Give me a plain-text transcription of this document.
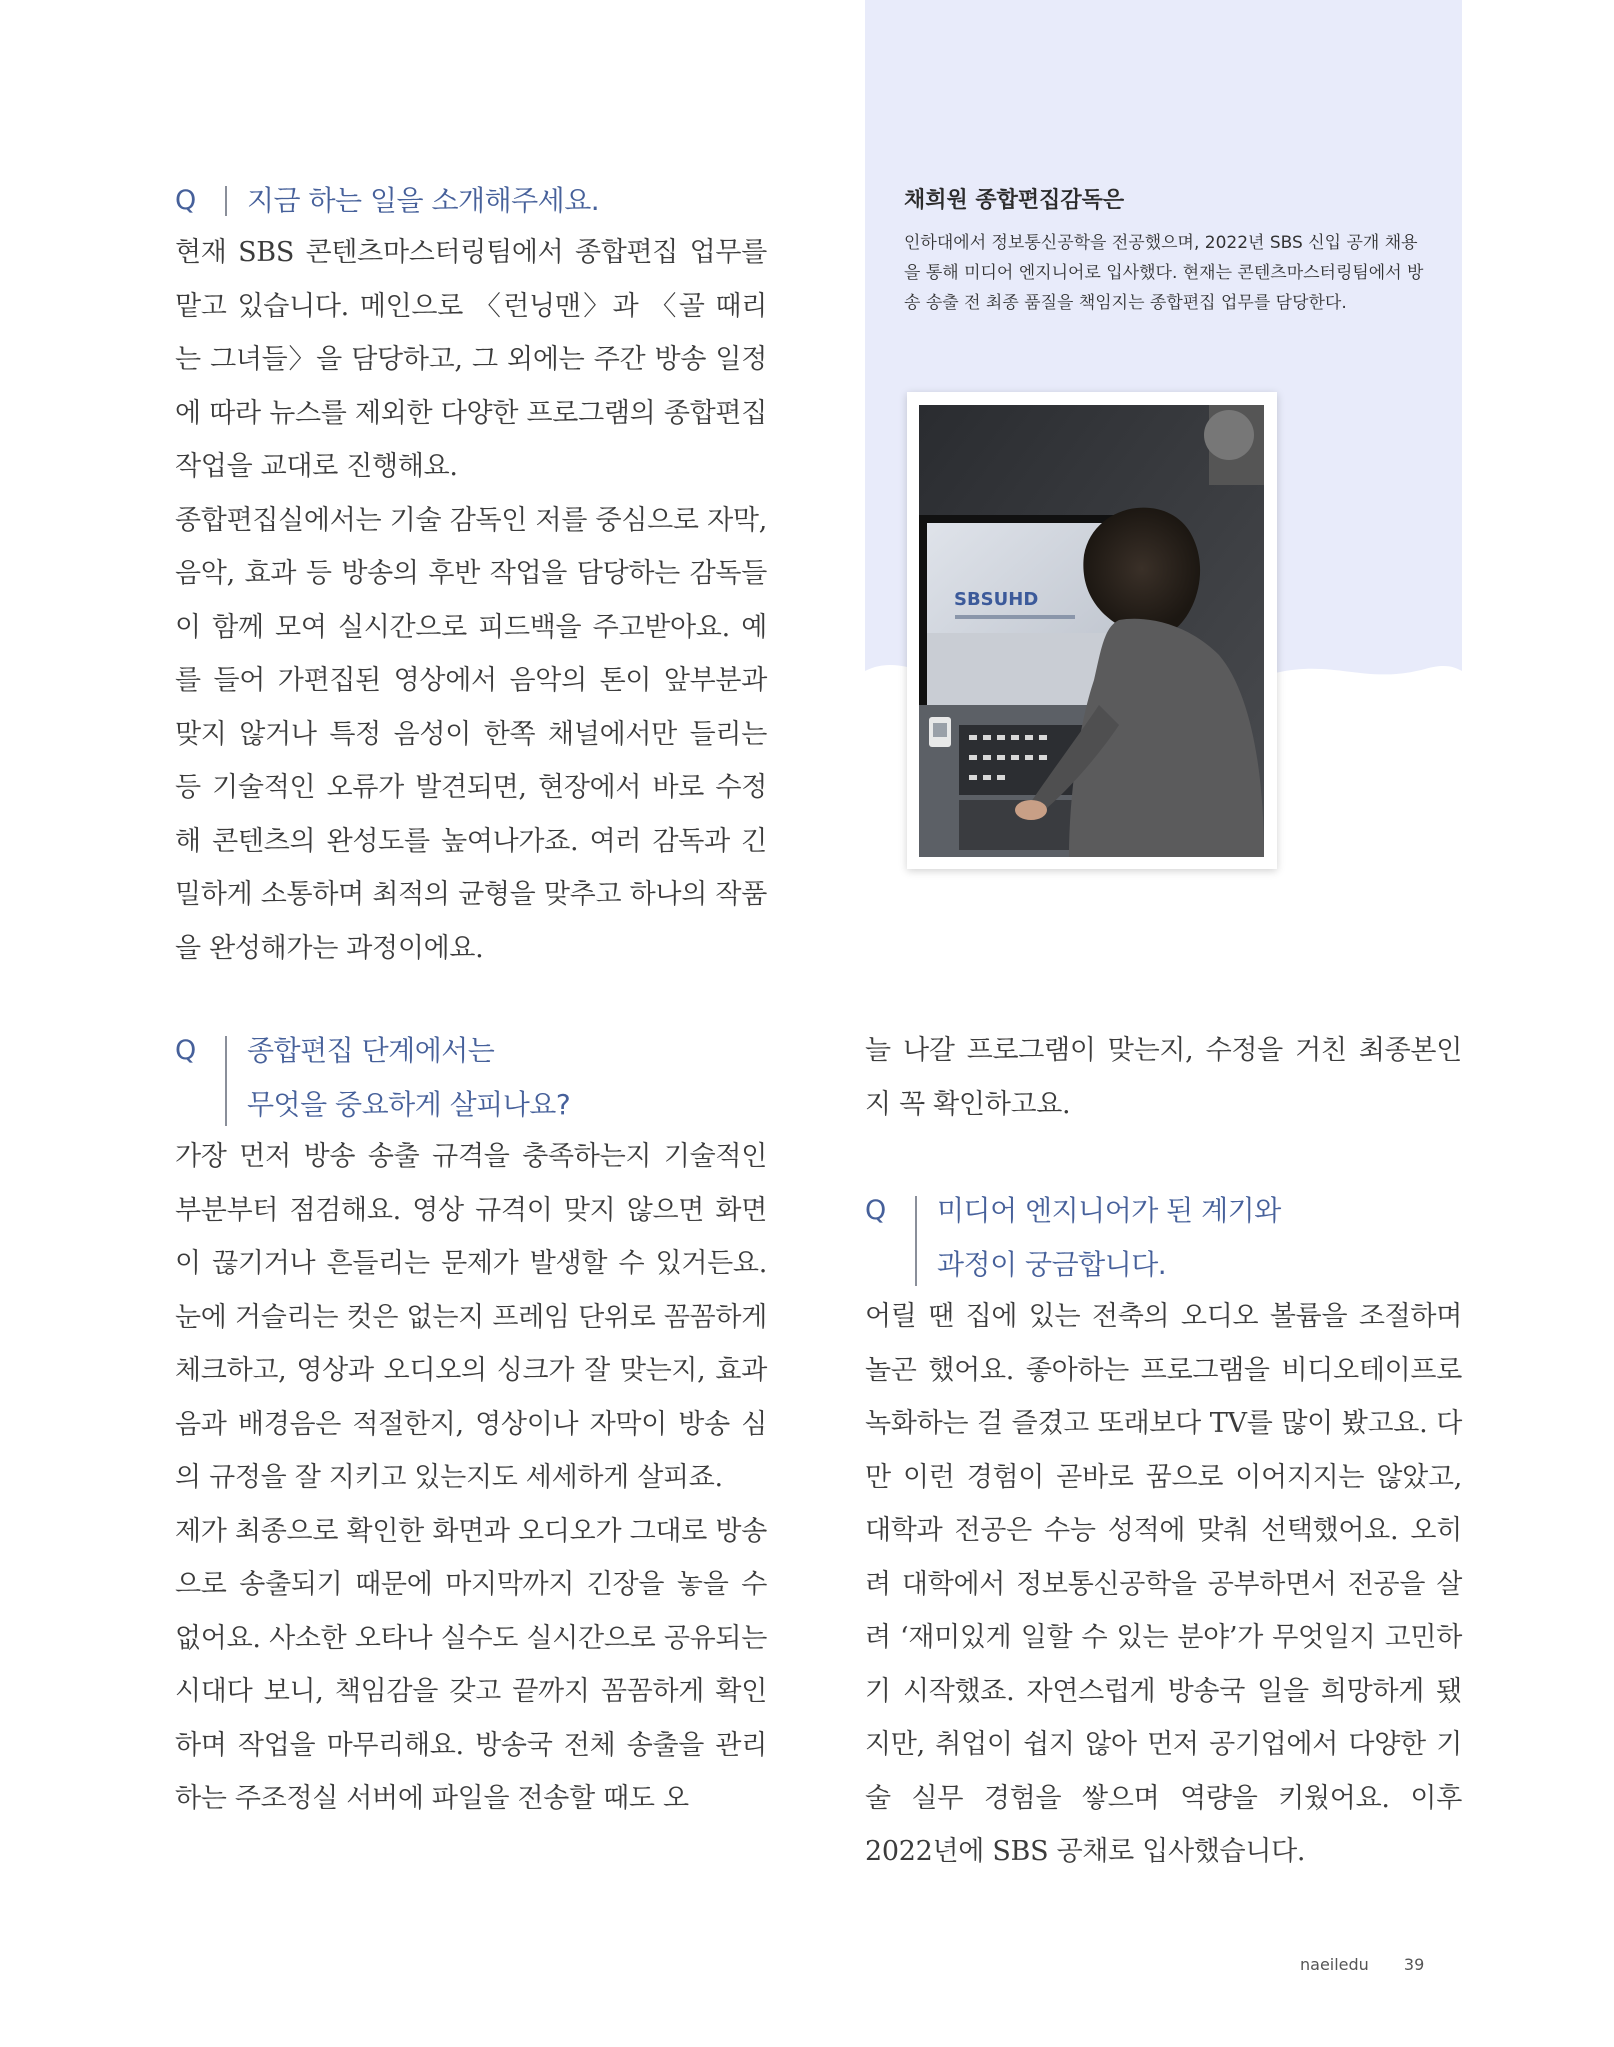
채희원 종합편집감독은

인하대에서 정보통신공학을 전공했으며, 2022년 SBS 신입 공개 채용을 통해 미디어 엔지니어로 입사했다. 현재는 콘텐츠마스터링팀에서 방송 송출 전 최종 품질을 책임지는 종합편집 업무를 담당한다.

SBSUHD
Q	지금 하는 일을 소개해주세요.

현재 SBS 콘텐츠마스터링팀에서 종합편집 업무를 맡고 있습니다. 메인으로 〈런닝맨〉과 〈골 때리는 그녀들〉을 담당하고, 그 외에는 주간 방송 일정에 따라 뉴스를 제외한 다양한 프로그램의 종합편집 작업을 교대로 진행해요.

종합편집실에서는 기술 감독인 저를 중심으로 자막, 음악, 효과 등 방송의 후반 작업을 담당하는 감독들이 함께 모여 실시간으로 피드백을 주고받아요. 예를 들어 가편집된 영상에서 음악의 톤이 앞부분과 맞지 않거나 특정 음성이 한쪽 채널에서만 들리는 등 기술적인 오류가 발견되면, 현장에서 바로 수정해 콘텐츠의 완성도를 높여나가죠. 여러 감독과 긴밀하게 소통하며 최적의 균형을 맞추고 하나의 작품을 완성해가는 과정이에요.

Q	종합편집 단계에서는
무엇을 중요하게 살피나요?

가장 먼저 방송 송출 규격을 충족하는지 기술적인 부분부터 점검해요. 영상 규격이 맞지 않으면 화면이 끊기거나 흔들리는 문제가 발생할 수 있거든요. 눈에 거슬리는 컷은 없는지 프레임 단위로 꼼꼼하게 체크하고, 영상과 오디오의 싱크가 잘 맞는지, 효과음과 배경음은 적절한지, 영상이나 자막이 방송 심의 규정을 잘 지키고 있는지도 세세하게 살피죠.

제가 최종으로 확인한 화면과 오디오가 그대로 방송으로 송출되기 때문에 마지막까지 긴장을 놓을 수 없어요. 사소한 오타나 실수도 실시간으로 공유되는 시대다 보니, 책임감을 갖고 끝까지 꼼꼼하게 확인하며 작업을 마무리해요. 방송국 전체 송출을 관리하는 주조정실 서버에 파일을 전송할 때도 오

늘 나갈 프로그램이 맞는지, 수정을 거친 최종본인지 꼭 확인하고요.

Q	미디어 엔지니어가 된 계기와
과정이 궁금합니다.

어릴 땐 집에 있는 전축의 오디오 볼륨을 조절하며 놀곤 했어요. 좋아하는 프로그램을 비디오테이프로 녹화하는 걸 즐겼고 또래보다 TV를 많이 봤고요. 다만 이런 경험이 곧바로 꿈으로 이어지지는 않았고, 대학과 전공은 수능 성적에 맞춰 선택했어요. 오히려 대학에서 정보통신공학을 공부하면서 전공을 살려 ‘재미있게 일할 수 있는 분야’가 무엇일지 고민하기 시작했죠. 자연스럽게 방송국 일을 희망하게 됐지만, 취업이 쉽지 않아 먼저 공기업에서 다양한 기술 실무 경험을 쌓으며 역량을 키웠어요. 이후 2022년에 SBS 공채로 입사했습니다.

naeiledu 39
